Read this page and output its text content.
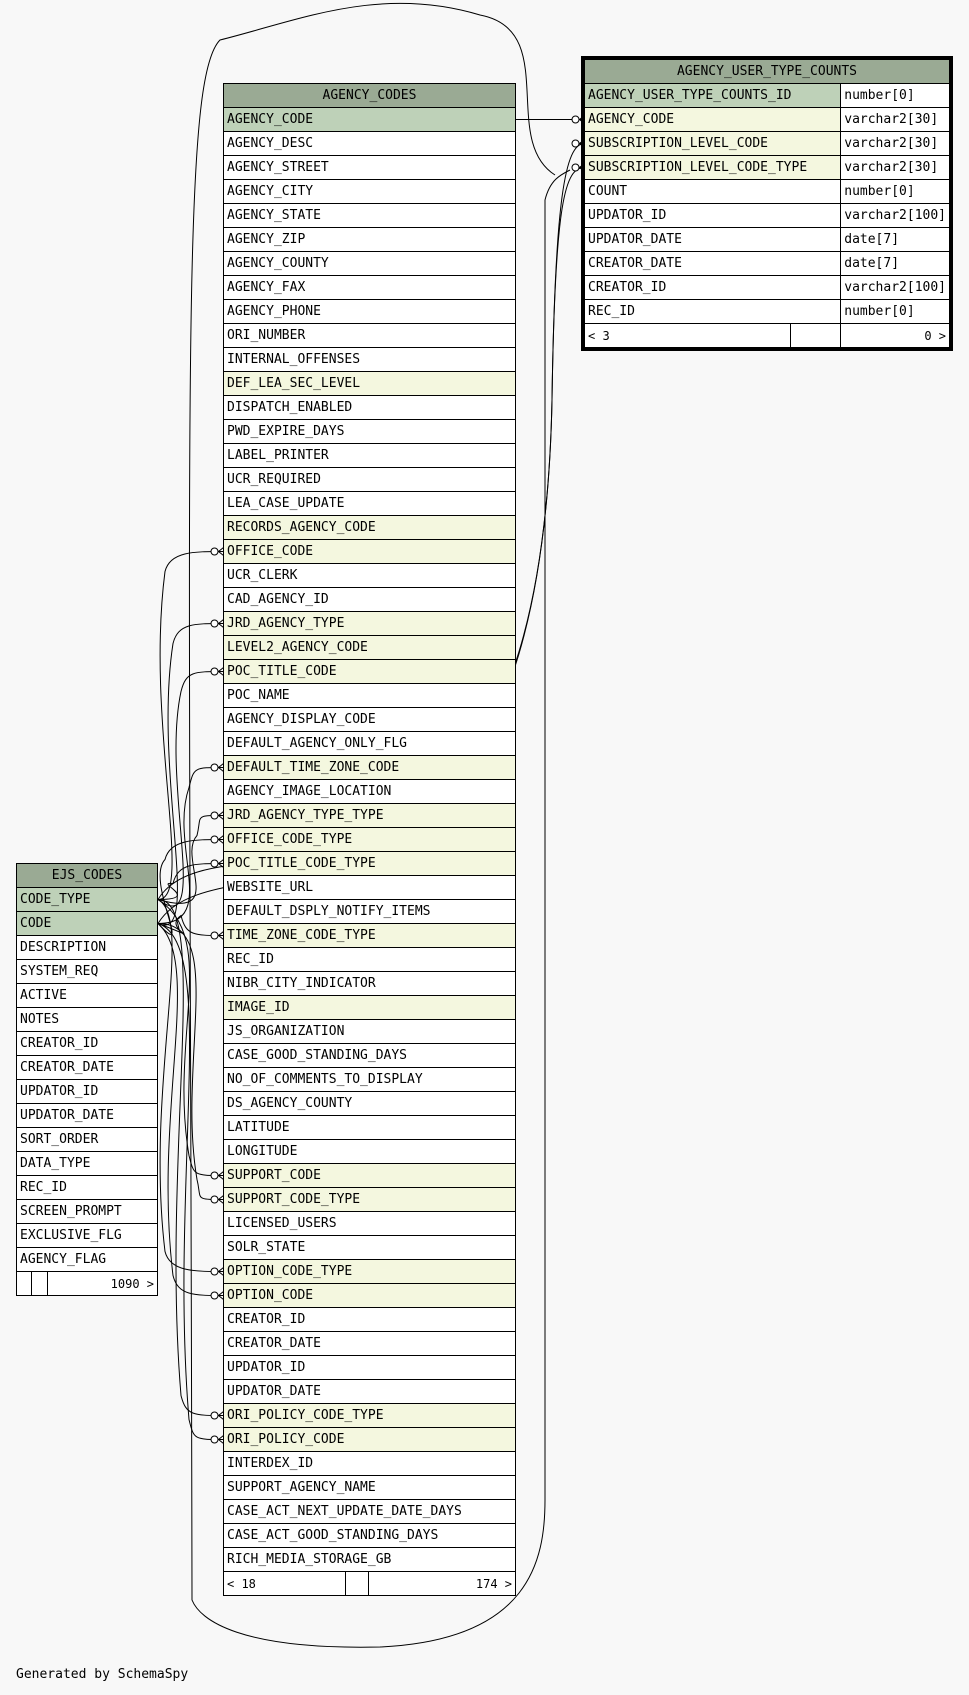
AGENCY_CODES
AGENCY_CODE
AGENCY_DESC
AGENCY_STREET
AGENCY_CITY
AGENCY_STATE
AGENCY_ZIP
AGENCY_COUNTY
AGENCY_FAX
AGENCY_PHONE
ORI_NUMBER
INTERNAL_OFFENSES
DEF_LEA_SEC_LEVEL
DISPATCH_ENABLED
PWD_EXPIRE_DAYS
LABEL_PRINTER
UCR_REQUIRED
LEA_CASE_UPDATE
RECORDS_AGENCY_CODE
OFFICE_CODE
UCR_CLERK
CAD_AGENCY_ID
JRD_AGENCY_TYPE
LEVEL2_AGENCY_CODE
POC_TITLE_CODE
POC_NAME
AGENCY_DISPLAY_CODE
DEFAULT_AGENCY_ONLY_FLG
DEFAULT_TIME_ZONE_CODE
AGENCY_IMAGE_LOCATION
JRD_AGENCY_TYPE_TYPE
OFFICE_CODE_TYPE
POC_TITLE_CODE_TYPE
WEBSITE_URL
DEFAULT_DSPLY_NOTIFY_ITEMS
TIME_ZONE_CODE_TYPE
REC_ID
NIBR_CITY_INDICATOR
IMAGE_ID
JS_ORGANIZATION
CASE_GOOD_STANDING_DAYS
NO_OF_COMMENTS_TO_DISPLAY
DS_AGENCY_COUNTY
LATITUDE
LONGITUDE
SUPPORT_CODE
SUPPORT_CODE_TYPE
LICENSED_USERS
SOLR_STATE
OPTION_CODE_TYPE
OPTION_CODE
CREATOR_ID
CREATOR_DATE
UPDATOR_ID
UPDATOR_DATE
ORI_POLICY_CODE_TYPE
ORI_POLICY_CODE
INTERDEX_ID
SUPPORT_AGENCY_NAME
CASE_ACT_NEXT_UPDATE_DATE_DAYS
CASE_ACT_GOOD_STANDING_DAYS
RICH_MEDIA_STORAGE_GB
< 18		174 >
EJS_CODES
CODE_TYPE
CODE
DESCRIPTION
SYSTEM_REQ
ACTIVE
NOTES
CREATOR_ID
CREATOR_DATE
UPDATOR_ID
UPDATOR_DATE
SORT_ORDER
DATA_TYPE
REC_ID
SCREEN_PROMPT
EXCLUSIVE_FLG
AGENCY_FLAG
		1090 >
AGENCY_USER_TYPE_COUNTS		
AGENCY_USER_TYPE_COUNTS_ID		number[0]
AGENCY_CODE		varchar2[30]
SUBSCRIPTION_LEVEL_CODE		varchar2[30]
SUBSCRIPTION_LEVEL_CODE_TYPE		varchar2[30]
COUNT		number[0]
UPDATOR_ID		varchar2[100]
UPDATOR_DATE		date[7]
CREATOR_DATE		date[7]
CREATOR_ID		varchar2[100]
REC_ID		number[0]
< 3		0 >
Generated by SchemaSpy
